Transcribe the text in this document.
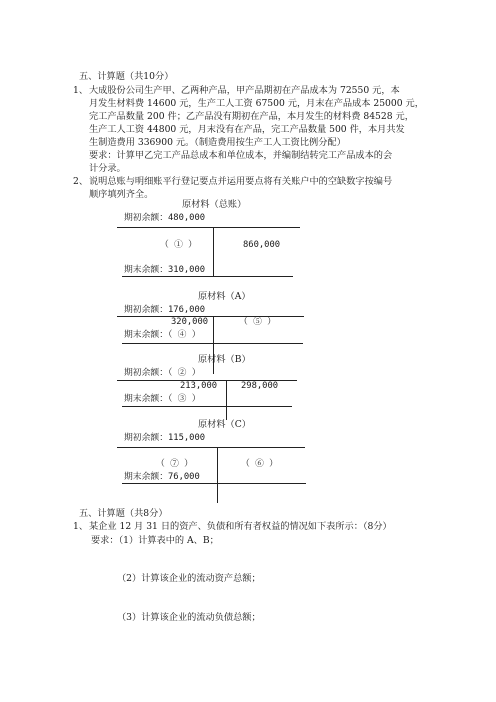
五、计算题（共10分）
1、 大成股份公司生产甲、乙两种产品，甲产品期初在产品成本为 72550 元，本
月发生材料费 14600 元，生产工人工资 67500 元，月末在产品成本 25000 元，
完工产品数量 200 件；乙产品没有期初在产品，本月发生的材料费 84528 元，
生产工人工资 44800 元，月末没有在产品，完工产品数量 500 件，本月共发
生制造费用 336900 元。（制造费用按生产工人工资比例分配）
要求：计算甲乙完工产品总成本和单位成本，并编制结转完工产品成本的会
计分录。
2、 说明总账与明细账平行登记要点并运用要点将有关账户中的空缺数字按编号
顺序填列齐全。
原材料（总账）
期初余额：480,000
（ ① ）	860,000
期末余额：310,000
原材料（A）
期初余额：176,000
320,000	（ ⑤ ）
期末余额：（ ④ ）
原材料（B）
期初余额：（ ② ）
213,000	298,000
期末余额：（ ③ ）
原材料（C）
期初余额：115,000
（ ⑦ ）	（ ⑥ ）
期末余额：76,000
五、计算题（共8分）
1、 某企业 12 月 31 日的资产、负债和所有者权益的情况如下表所示：（8分）
要求：（1）计算表中的 A、B；
（2）计算该企业的流动资产总额；
（3）计算该企业的流动负债总额；
